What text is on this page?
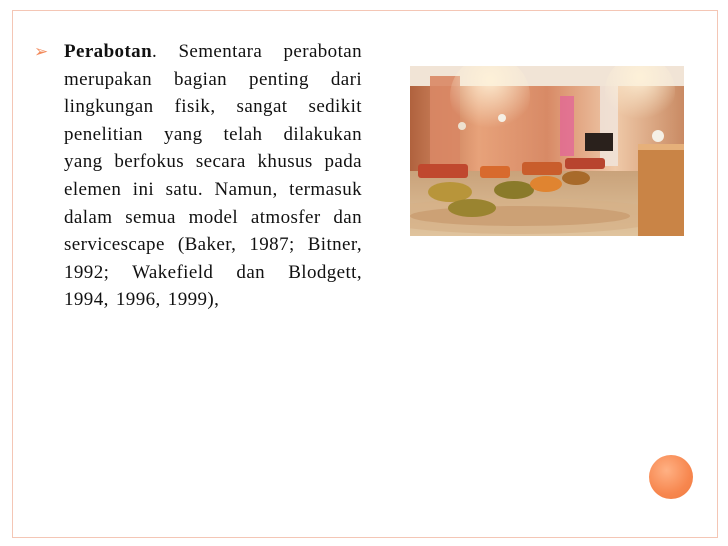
➢ Perabotan. Sementara perabotan merupakan bagian penting dari lingkungan fisik, sangat sedikit penelitian yang telah dilakukan yang berfokus secara khusus pada elemen ini satu. Namun, termasuk dalam semua model atmosfer dan servicescape (Baker, 1987; Bitner, 1992; Wakefield dan Blodgett, 1994, 1996, 1999),
